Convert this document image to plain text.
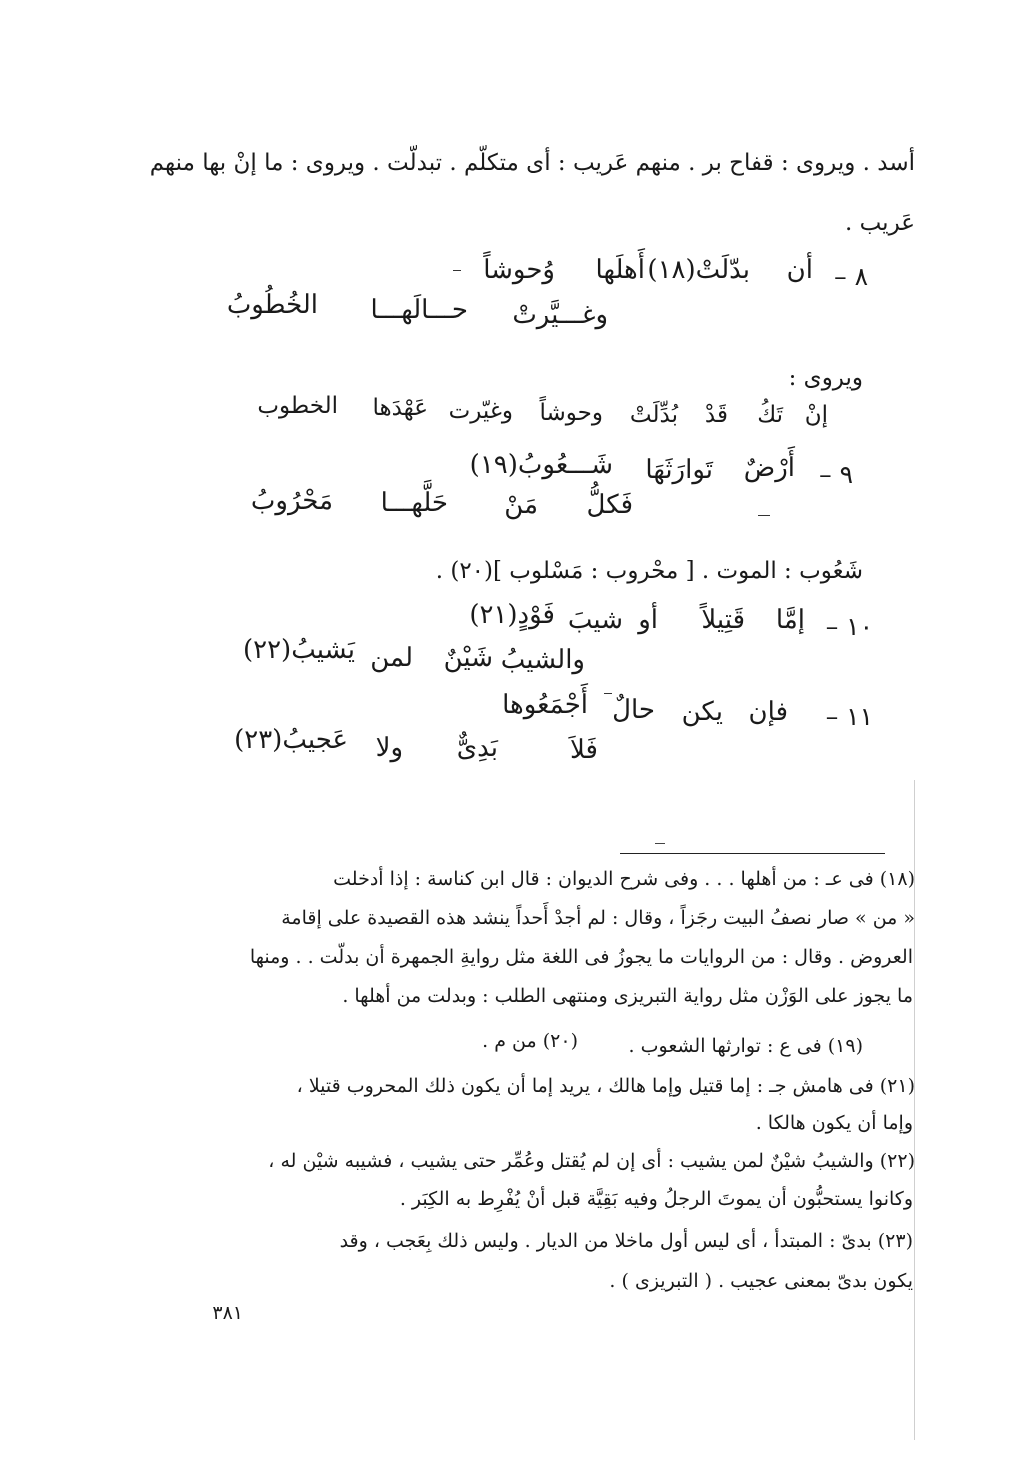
أسد . ويروى : قفاح بر . منهم عَريب : أى متكلّم . تبدلّت . ويروى : ما إنْ بها منهم
عَريب .
٨ –
أن
بدّلَتْ(١٨)
أَهلَها
وُحوشاً
وغـــيَّرتْ
حـــالَهـــا
الخُطُوبُ
ويروى :
إنْ
تَكُ
قَدْ
بُدِّلَتْ
وحوشاً
وغيّرت
عَهْدَها
الخطوب
٩ –
أَرْضٌ
تَوارَثَهَا
شَـــعُوبُ(١٩)
فَكلُّ
مَنْ
حَلَّهـــا
مَحْرُوبُ
شَعُوب : الموت . [ محْروب : مَسْلوب ](٢٠) .
١٠ –
إمَّا
قَتِيلاً
أو
شيبَ
فَوْدٍ(٢١)
والشيبُ
شَيْنٌ
لمن
يَشيبُ(٢٢)
١١ –
فإن
يكن
حالٌ
أَجْمَعُوها
فَلاَ
بَدِىٌّ
ولا
عَجيبُ(٢٣)
(١٨) فى عـ : من أهلها . . . وفى شرح الديوان : قال ابن كناسة : إذا أدخلت
« من » صار نصفُ البيت رجَزاً ، وقال : لم أجدْ أَحداً ينشد هذه القصيدة على إقامة
العروض . وقال : من الروايات ما يجوزُ فى اللغة مثل روايةِ الجمهرة أن بدلّت . . ومنها
ما يجوز على الوَزْن مثل رواية التبريزى ومنتهى الطلب : وبدلت من أهلها .
(١٩) فى ع : توارثها الشعوب .
(٢٠) من م .
(٢١) فى هامش جـ : إما قتيل وإما هالك ، يريد إما أن يكون ذلك المحروب قتيلا ،
وإما أن يكون هالكا .
(٢٢) والشيبُ شيْنٌ لمن يشيب : أى إن لم يُقتل وعُمِّر حتى يشيب ، فشيبه شيْن له ،
وكانوا يستحبُّون أن يموتَ الرجلُ وفيه بَقِيَّة قبل أنْ يُفْرِط به الكِبَر .
(٢٣) بدىّ : المبتدأ ، أى ليس أول ماخلا من الديار . وليس ذلك بِعَجب ، وقد
يكون بدىّ بمعنى عجيب . ( التبريزى ) .
٣٨١
